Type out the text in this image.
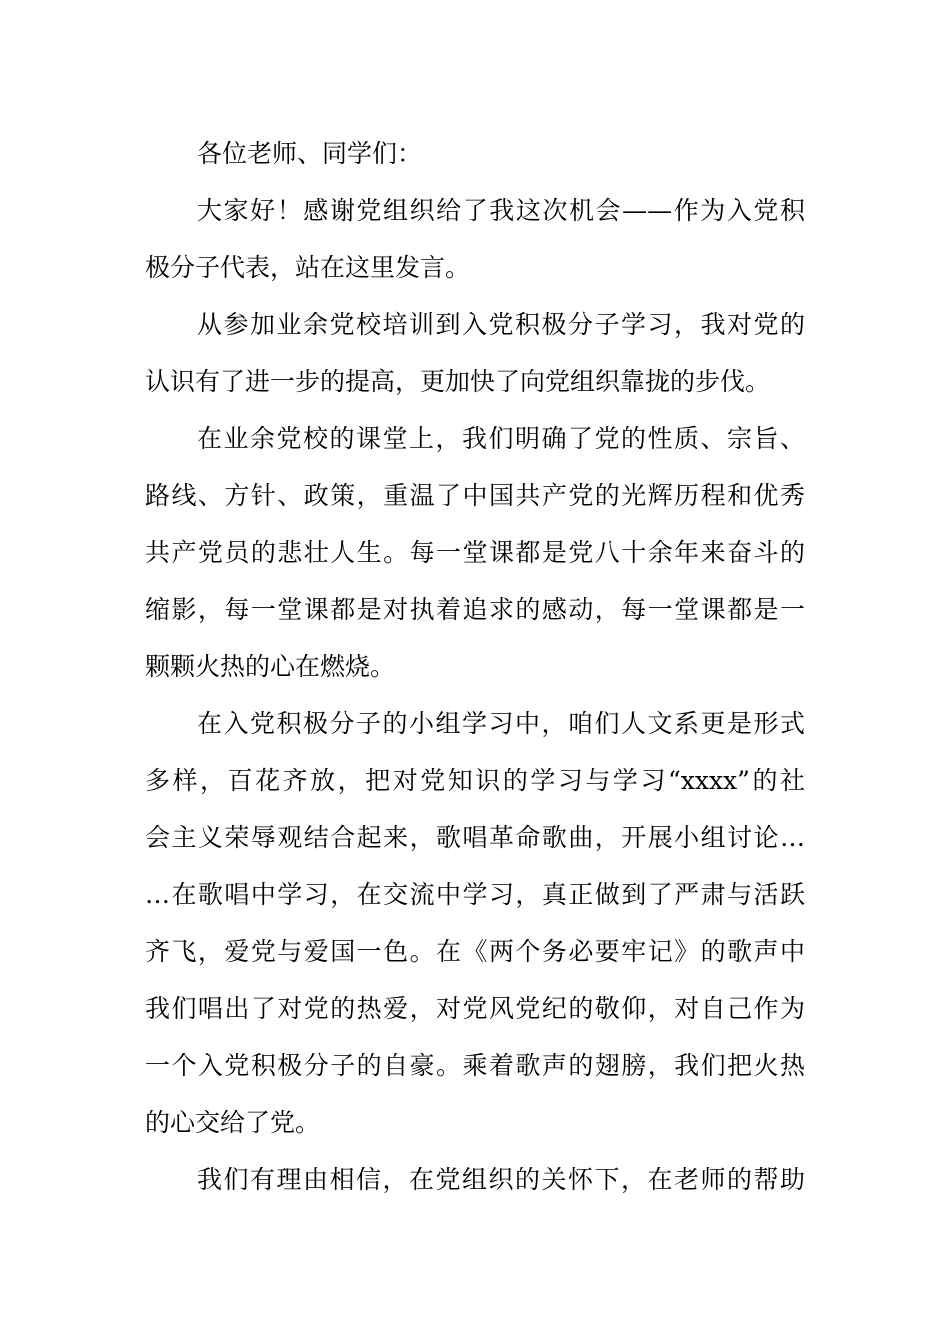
各位老师、同学们：
大家好！感谢党组织给了我这次机会——作为入党积
极分子代表，站在这里发言。
从参加业余党校培训到入党积极分子学习，我对党的
认识有了进一步的提高，更加快了向党组织靠拢的步伐。
在业余党校的课堂上，我们明确了党的性质、宗旨、
路线、方针、政策，重温了中国共产党的光辉历程和优秀
共产党员的悲壮人生。每一堂课都是党八十余年来奋斗的
缩影，每一堂课都是对执着追求的感动，每一堂课都是一
颗颗火热的心在燃烧。
在入党积极分子的小组学习中，咱们人文系更是形式
多样，百花齐放，把对党知识的学习与学习“xxxx”的社
会主义荣辱观结合起来，歌唱革命歌曲，开展小组讨论…
…在歌唱中学习，在交流中学习，真正做到了严肃与活跃
齐飞，爱党与爱国一色。在《两个务必要牢记》的歌声中
我们唱出了对党的热爱，对党风党纪的敬仰，对自己作为
一个入党积极分子的自豪。乘着歌声的翅膀，我们把火热
的心交给了党。
我们有理由相信，在党组织的关怀下，在老师的帮助
